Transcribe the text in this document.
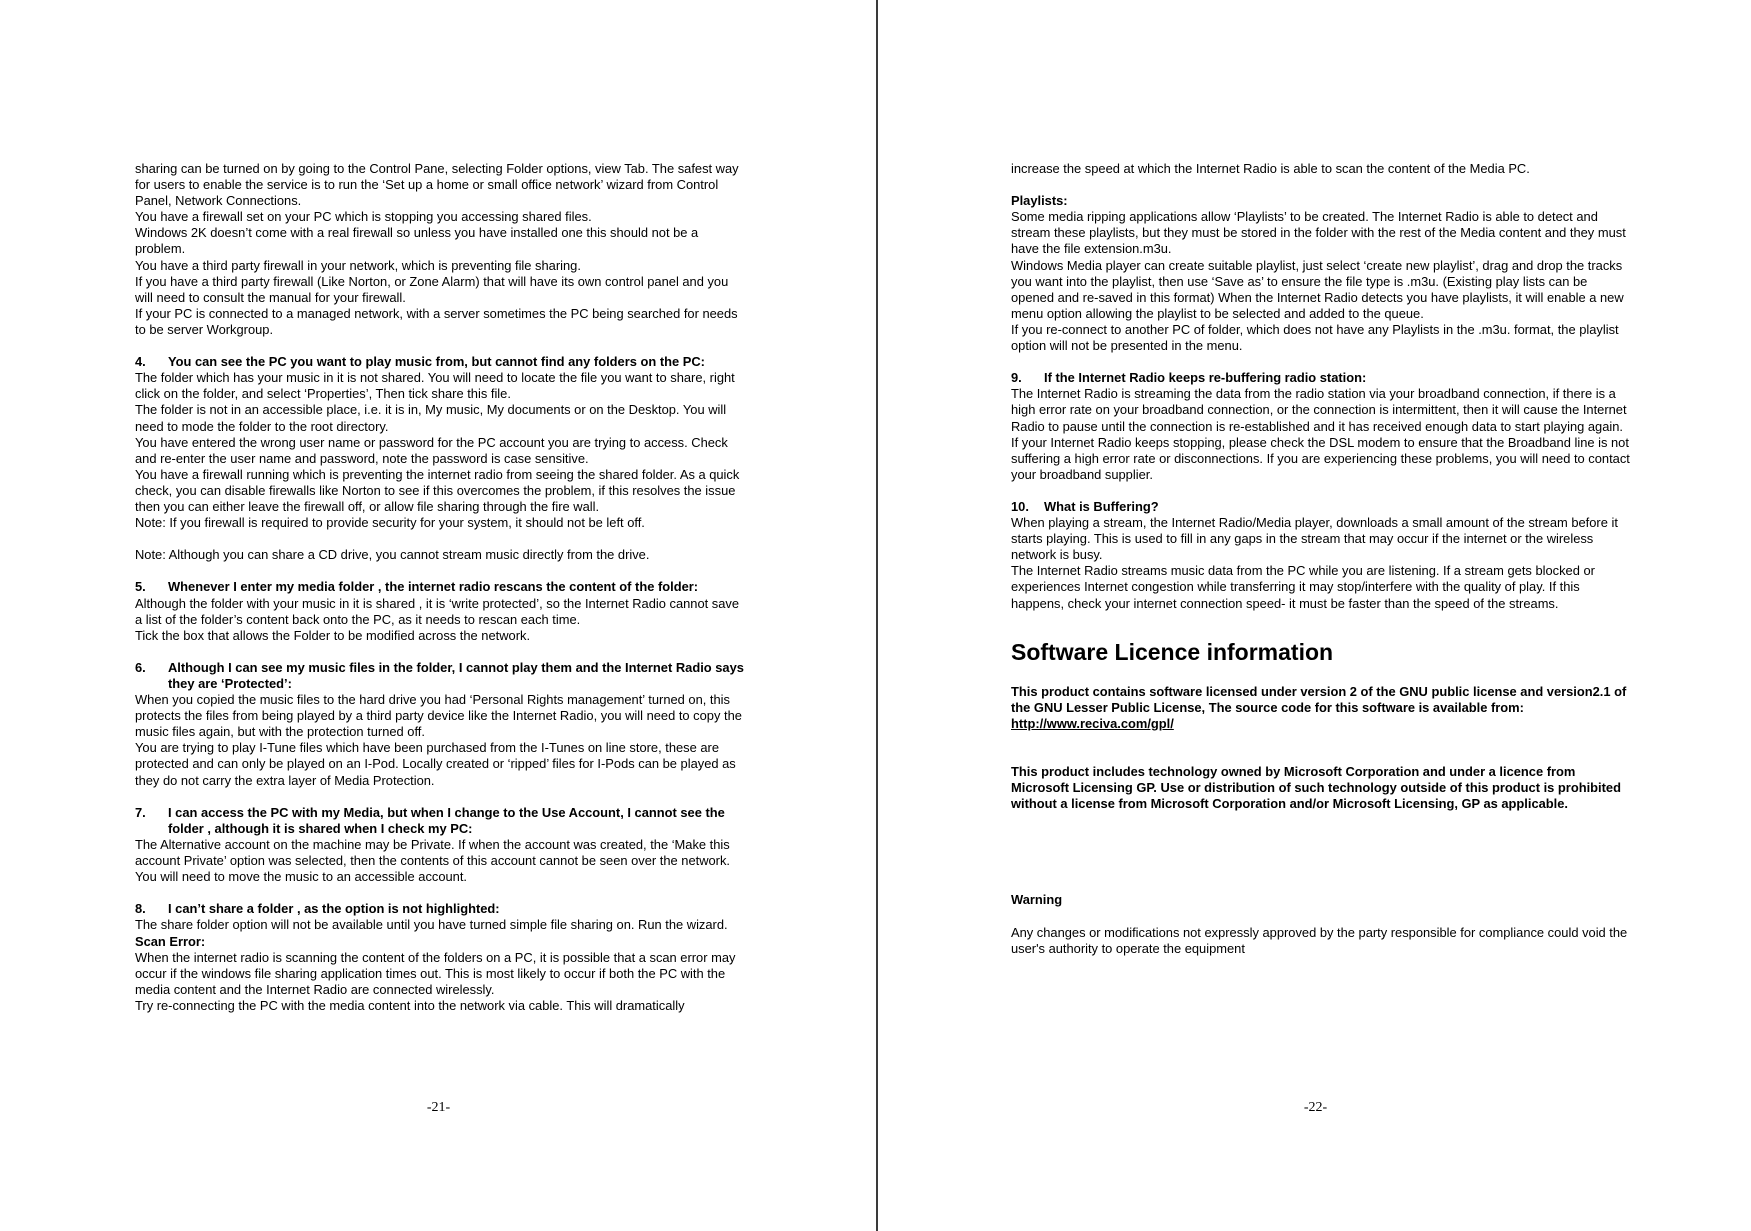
sharing can be turned on by going to the Control Pane, selecting Folder options, view Tab. The safest way for users to enable the service is to run the ‘Set up a home or small office network’ wizard from Control Panel, Network Connections.

You have a firewall set on your PC which is stopping you accessing shared files.

Windows 2K doesn’t come with a real firewall so unless you have installed one this should not be a problem.

You have a third party firewall in your network, which is preventing file sharing.

If you have a third party firewall (Like Norton, or Zone Alarm) that will have its own control panel and you will need to consult the manual for your firewall.

If your PC is connected to a managed network, with a server sometimes the PC being searched for needs to be server Workgroup.

4.	You can see the PC you want to play music from, but cannot find any folders on the PC:

The folder which has your music in it is not shared. You will need to locate the file you want to share, right click on the folder, and select ‘Properties’, Then tick share this file.

The folder is not in an accessible place, i.e. it is in, My music, My documents or on the Desktop. You will need to mode the folder to the root directory.

You have entered the wrong user name or password for the PC account you are trying to access. Check and re-enter the user name and password, note the password is case sensitive.

You have a firewall running which is preventing the internet radio from seeing the shared folder. As a quick check, you can disable firewalls like Norton to see if this overcomes the problem, if this resolves the issue then you can either leave the firewall off, or allow file sharing through the fire wall.

Note: If you firewall is required to provide security for your system, it should not be left off.

Note: Although you can share a CD drive, you cannot stream music directly from the drive.

5.	Whenever I enter my media folder , the internet radio rescans the content of the folder:

Although the folder with your music in it is shared , it is ‘write protected’, so the Internet Radio cannot save a list of the folder’s content back onto the PC, as it needs to rescan each time.

Tick the box that allows the Folder to be modified across the network.

6.	Although I can see my music files in the folder, I cannot play them and the Internet Radio says they are ‘Protected’:

When you copied the music files to the hard drive you had ‘Personal Rights management’ turned on, this protects the files from being played by a third party device like the Internet Radio, you will need to copy the music files again, but with the protection turned off.

You are trying to play I-Tune files which have been purchased from the I-Tunes on line store, these are protected and can only be played on an I-Pod. Locally created or ‘ripped’ files for I-Pods can be played as they do not carry the extra layer of Media Protection.

7.	I can access the PC with my Media, but when I change to the Use Account, I cannot see the folder , although it is shared when I check my PC:

The Alternative account on the machine may be Private. If when the account was created, the ‘Make this account Private’ option was selected, then the contents of this account cannot be seen over the network. You will need to move the music to an accessible account.

8.	I can’t share a folder , as the option is not highlighted:

The share folder option will not be available until you have turned simple file sharing on. Run the wizard.

Scan Error:

When the internet radio is scanning the content of the folders on a PC, it is possible that a scan error may occur if the windows file sharing application times out. This is most likely to occur if both the PC with the media content and the Internet Radio are connected wirelessly.

Try re-connecting the PC with the media content into the network via cable. This will dramatically

-21-

increase the speed at which the Internet Radio is able to scan the content of the Media PC.

Playlists:

Some media ripping applications allow ‘Playlists’ to be created. The Internet Radio is able to detect and stream these playlists, but they must be stored in the folder with the rest of the Media content and they must have the file extension.m3u.

Windows Media player can create suitable playlist, just select ‘create new playlist’, drag and drop the tracks you want into the playlist, then use ‘Save as’ to ensure the file type is .m3u. (Existing play lists can be opened and re-saved in this format) When the Internet Radio detects you have playlists, it will enable a new menu option allowing the playlist to be selected and added to the queue.

If you re-connect to another PC of folder, which does not have any Playlists in the .m3u. format, the playlist option will not be presented in the menu.

9.	If the Internet Radio keeps re-buffering radio station:

The Internet Radio is streaming the data from the radio station via your broadband connection, if there is a high error rate on your broadband connection, or the connection is intermittent, then it will cause the Internet Radio to pause until the connection is re-established and it has received enough data to start playing again.

If your Internet Radio keeps stopping, please check the DSL modem to ensure that the Broadband line is not suffering a high error rate or disconnections. If you are experiencing these problems, you will need to contact your broadband supplier.

10.	What is Buffering?

When playing a stream, the Internet Radio/Media player, downloads a small amount of the stream before it starts playing. This is used to fill in any gaps in the stream that may occur if the internet or the wireless network is busy.

The Internet Radio streams music data from the PC while you are listening. If a stream gets blocked or experiences Internet congestion while transferring it may stop/interfere with the quality of play. If this happens, check your internet connection speed- it must be faster than the speed of the streams.

Software Licence information

This product contains software licensed under version 2 of the GNU public license and version2.1 of the GNU Lesser Public License, The source code for this software is available from:

http://www.reciva.com/gpl/

This product includes technology owned by Microsoft Corporation and under a licence from Microsoft Licensing GP. Use or distribution of such technology outside of this product is prohibited without a license from Microsoft Corporation and/or Microsoft Licensing, GP as applicable.

Warning

Any changes or modifications not expressly approved by the party responsible for compliance could void the user's authority to operate the equipment

-22-
